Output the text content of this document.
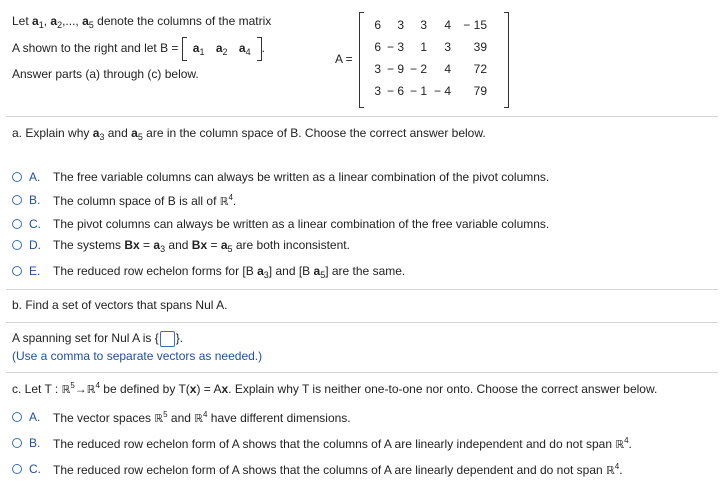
Let $a_1$, $a_2$,..., $a_5$ denote the columns of the matrix
A shown to the right and let $B = a_1$ $a_2$ $a_4$ .
Answer parts (a) through (c) below.
A =
6	3	3	4	− 15
6	− 3	1	3	39
3	− 9	− 2	4	72
3	− 6	− 1	− 4	79
a. Explain why $a_3$ and $a_5$ are in the column space of B. Choose the correct answer below.
A. The free variable columns can always be written as a linear combination of the pivot columns.
B. The column space of B is all of ℝ$^4$.
C. The pivot columns can always be written as a linear combination of the free variable columns.
D. The systems $Bx = a_3$ and $Bx = a_5$ are both inconsistent.
E. The reduced row echelon forms for [B $a_3$] and [B $a_5$] are the same.
b. Find a set of vectors that spans Nul A.
A spanning set for Nul A is { }.
(Use a comma to separate vectors as needed.)
c. Let T : ℝ$^5$→ℝ$^4$ be defined by T(x) = Ax. Explain why T is neither one-to-one nor onto. Choose the correct answer below.
A. The vector spaces ℝ$^5$ and ℝ$^4$ have different dimensions.
B. The reduced row echelon form of A shows that the columns of A are linearly independent and do not span ℝ$^4$.
C. The reduced row echelon form of A shows that the columns of A are linearly dependent and do not span ℝ$^4$.
